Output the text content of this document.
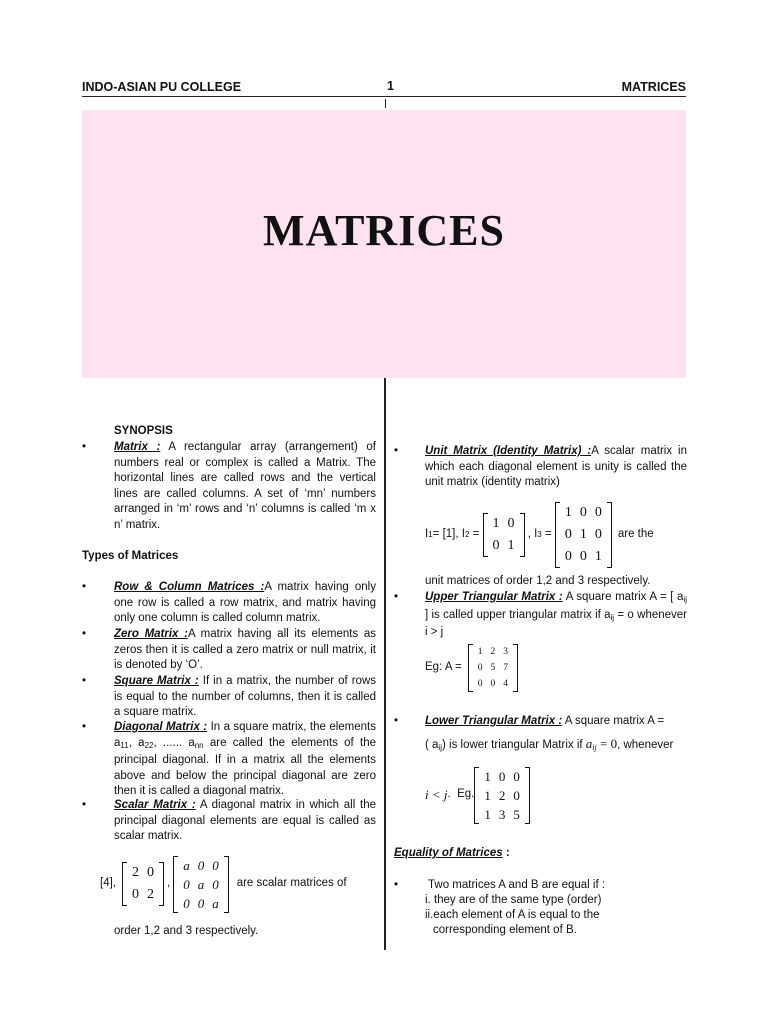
INDO-ASIAN PU COLLEGE	1	MATRICES
MATRICES
SYNOPSIS
• Matrix : A rectangular array (arrangement) of numbers real or complex is called a Matrix. The horizontal lines are called rows and the vertical lines are called columns. A set of ‘mn’ numbers arranged in ‘m’ rows and ‘n’ columns is called ‘m x n’ matrix.
Types of Matrices
• Row & Column Matrices :A matrix having only one row is called a row matrix, and matrix having only one column is called column matrix.
• Zero Matrix :A matrix having all its elements as zeros then it is called a zero matrix or null matrix, it is denoted by ‘O’.
• Square Matrix : If in a matrix, the number of rows is equal to the number of columns, then it is called a square matrix.
• Diagonal Matrix : In a square matrix, the elements $a_{11}$, $a_{22}$, ...... $a_{nn}$ are called the elements of the principal diagonal. If in a matrix all the elements above and below the principal diagonal are zero then it is called a diagonal matrix.
• Scalar Matrix : A diagonal matrix in which all the principal diagonal elements are equal is called as scalar matrix.
[4],
2	0
0	2
,
a	0	0
0	a	0
0	0	a
are scalar matrices of
order 1,2 and 3 respectively.
• Unit Matrix (Identity Matrix) :A scalar matrix in which each diagonal element is unity is called the unit matrix (identity matrix)
I 1 = [1], I 2 =
1	0
0	1
, I 3 =
1	0	0
0	1	0
0	0	1
are the
unit matrices of order 1,2 and 3 respectively.
• Upper Triangular Matrix : A square matrix A = [ $a_{ij}$ ] is called upper triangular matrix if $a_{ij} = o$ whenever i > j
Eg: A =
1	2	3
0	5	7
0	0	4
• Lower Triangular Matrix : A square matrix A =
( $a_{ij}$) is lower triangular Matrix if $a_{ij} = 0$, whenever
i < j .  Eg.
1	0	0
1	2	0
1	3	5
Equality of Matrices :
•	Two matrices A and B are equal if :
i. they are of the same type (order)
ii.each element of A is equal to the
corresponding element of B.
